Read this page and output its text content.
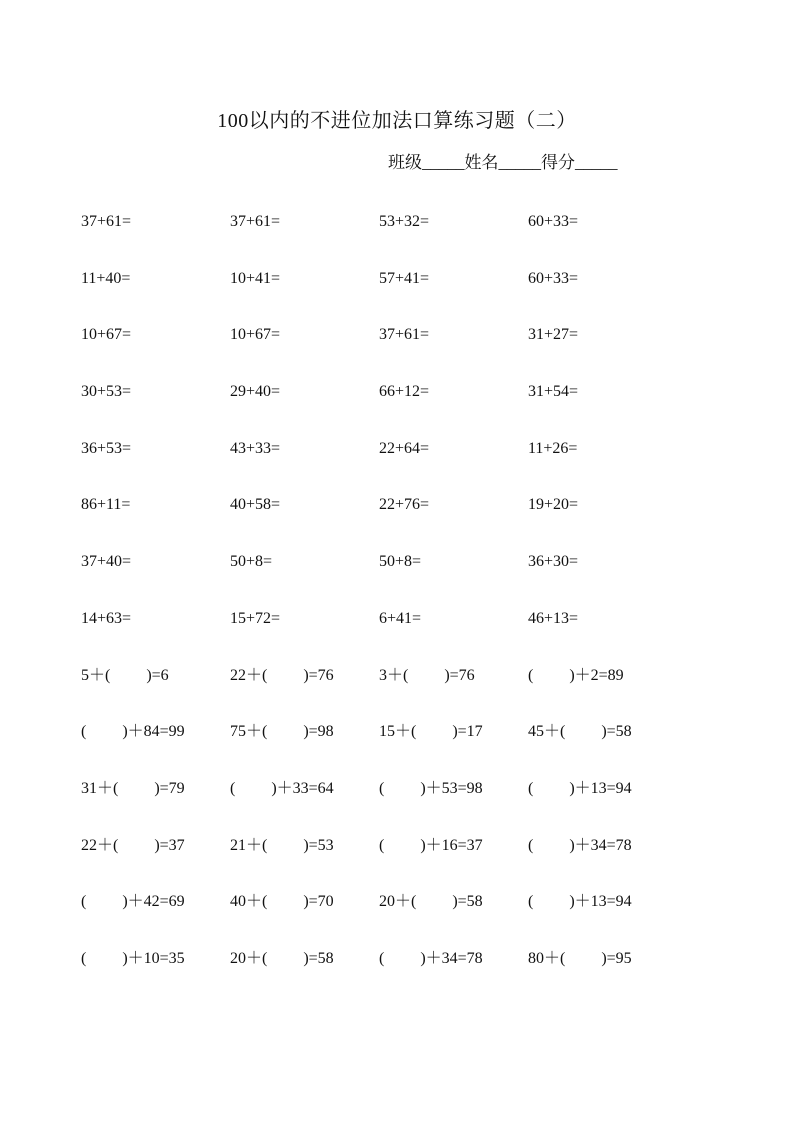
100以内的不进位加法口算练习题（二）
班级_____姓名_____得分_____
37+61=	37+61=	53+32=	60+33=
11+40=	10+41=	57+41=	60+33=
10+67=	10+67=	37+61=	31+27=
30+53=	29+40=	66+12=	31+54=
36+53=	43+33=	22+64=	11+26=
86+11=	40+58=	22+76=	19+20=
37+40=	50+8=	50+8=	36+30=
14+63=	15+72=	6+41=	46+13=
5＋(         )=6	22＋(         )=76	3＋(         )=76	(         )＋2=89
(         )＋84=99	75＋(         )=98	15＋(         )=17	45＋(         )=58
31＋(         )=79	(         )＋33=64	(         )＋53=98	(         )＋13=94
22＋(         )=37	21＋(         )=53	(         )＋16=37	(         )＋34=78
(         )＋42=69	40＋(         )=70	20＋(         )=58	(         )＋13=94
(         )＋10=35	20＋(         )=58	(         )＋34=78	80＋(         )=95
